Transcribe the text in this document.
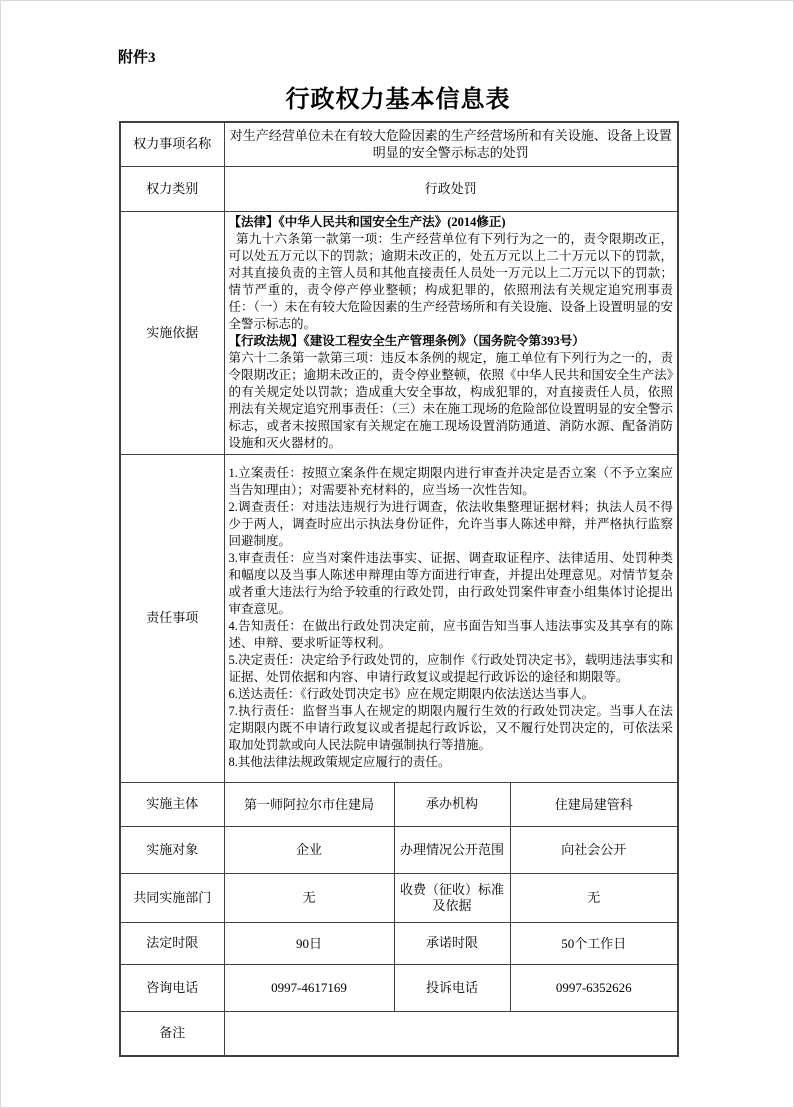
附件3
行政权力基本信息表
权力事项名称	对生产经营单位未在有较大危险因素的生产经营场所和有关设施、设备上设置明显的安全警示标志的处罚		
权力类别	行政处罚		
实施依据	【法律】《中华人民共和国安全生产法》(2014修正)
第九十六条第一款第一项：生产经营单位有下列行为之一的，责令限期改正，可以处五万元以下的罚款；逾期未改正的，处五万元以上二十万元以下的罚款，对其直接负责的主管人员和其他直接责任人员处一万元以上二万元以下的罚款；情节严重的，责令停产停业整顿；构成犯罪的，依照刑法有关规定追究刑事责任：（一）未在有较大危险因素的生产经营场所和有关设施、设备上设置明显的安全警示标志的。
【行政法规】《建设工程安全生产管理条例》（国务院令第393号）
第六十二条第一款第三项：违反本条例的规定，施工单位有下列行为之一的，责令限期改正；逾期未改正的，责令停业整顿，依照《中华人民共和国安全生产法》的有关规定处以罚款；造成重大安全事故，构成犯罪的，对直接责任人员，依照刑法有关规定追究刑事责任：（三）未在施工现场的危险部位设置明显的安全警示标志，或者未按照国家有关规定在施工现场设置消防通道、消防水源、配备消防设施和灭火器材的。		

责任事项	
1.立案责任：按照立案条件在规定期限内进行审查并决定是否立案（不予立案应当告知理由）；对需要补充材料的，应当场一次性告知。
2.调查责任：对违法违规行为进行调查，依法收集整理证据材料；执法人员不得少于两人，调查时应出示执法身份证件，允许当事人陈述申辩，并严格执行监察回避制度。
3.审查责任：应当对案件违法事实、证据、调查取证程序、法律适用、处罚种类和幅度以及当事人陈述申辩理由等方面进行审查，并提出处理意见。对情节复杂或者重大违法行为给予较重的行政处罚，由行政处罚案件审查小组集体讨论提出审查意见。
4.告知责任：在做出行政处罚决定前，应书面告知当事人违法事实及其享有的陈述、申辩、要求听证等权利。
5.决定责任：决定给予行政处罚的，应制作《行政处罚决定书》，载明违法事实和证据、处罚依据和内容、申请行政复议或提起行政诉讼的途径和期限等。
6.送达责任：《行政处罚决定书》应在规定期限内依法送达当事人。
7.执行责任：监督当事人在规定的期限内履行生效的行政处罚决定。当事人在法定期限内既不申请行政复议或者提起行政诉讼，又不履行处罚决定的，可依法采取加处罚款或向人民法院申请强制执行等措施。
8.其他法律法规政策规定应履行的责任。

实施主体	第一师阿拉尔市住建局	承办机构	住建局建管科
实施对象	企业	办理情况公开范围	向社会公开
共同实施部门	无	收费（征收）标准及依据	无
法定时限	90日	承诺时限	50个工作日
咨询电话	0997-4617169	投诉电话	0997-6352626
备注			
